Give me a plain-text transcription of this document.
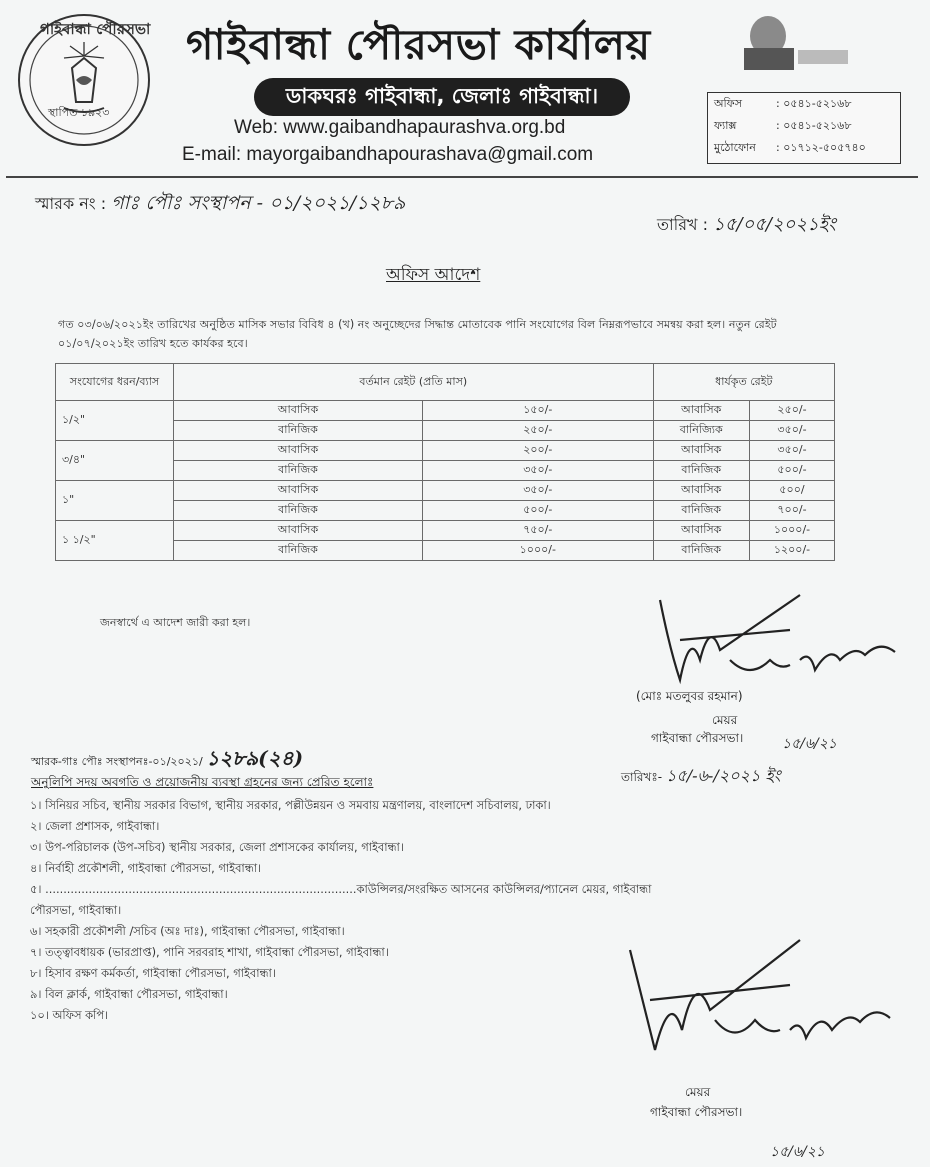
গাইবান্ধা পৌরসভা
স্থাপিত ১৯২৩
গাইবান্ধা পৌরসভা কার্যালয়
ডাকঘরঃ গাইবান্ধা, জেলাঃ গাইবান্ধা।
Web: www.gaibandhapaurashva.org.bd
E-mail: mayorgaibandhapourashava@gmail.com
অফিস	: ০৫৪১-৫২১৬৮
ফ্যাক্স	: ০৫৪১-৫২১৬৮
মুঠোফোন	: ০১৭১২-৫০৫৭৪০
স্মারক নং : গাঃ পৌঃ সংস্থাপন - ০১/২০২১/১২৮৯
তারিখ : ১৫/০৫/২০২১ইং
অফিস আদেশ
গত ০৩/০৬/২০২১ইং তারিখের অনুষ্ঠিত মাসিক সভার বিবিধ ৪ (খ) নং অনুচ্ছেদের সিদ্ধান্ত মোতাবেক পানি সংযোগের বিল নিম্নরূপভাবে সমন্বয় করা হল। নতুন রেইট ০১/০৭/২০২১ইং তারিখ হতে কার্যকর হবে।
সংযোগের ধরন/ব্যাস	বর্তমান রেইট (প্রতি মাস)		ধার্যকৃত রেইট	
১/২"	আবাসিক	১৫০/-	আবাসিক	২৫০/-
	বানিজিক	২৫০/-	বানিজ্যিক	৩৫০/-
৩/৪"	আবাসিক	২০০/-	আবাসিক	৩৫০/-
	বানিজিক	৩৫০/-	বানিজিক	৫০০/-
১"	আবাসিক	৩৫০/-	আবাসিক	৫০০/
	বানিজিক	৫০০/-	বানিজিক	৭০০/-
১ ১/২"	আবাসিক	৭৫০/-	আবাসিক	১০০০/-
	বানিজিক	১০০০/-	বানিজিক	১২০০/-
জনস্বার্থে এ আদেশ জারী করা হল।
(মোঃ মতলুবর রহমান)
মেয়র
গাইবান্ধা পৌরসভা।	১৫/৬/২১
স্মারক-গাঃ পৌঃ সংস্থাপনঃ-০১/২০২১/ ১২৮৯(২৪)
তারিখঃ- ১৫/-৬-/২০২১ ইং
অনুলিপি সদয় অবগতি ও প্রয়োজনীয় ব্যবস্থা গ্রহনের জন্য প্রেরিত হলোঃ
১। সিনিয়র সচিব, স্থানীয় সরকার বিভাগ, স্থানীয় সরকার, পল্লীউন্নয়ন ও সমবায় মন্ত্রণালয়, বাংলাদেশ সচিবালয়, ঢাকা।
২। জেলা প্রশাসক, গাইবান্ধা।
৩। উপ-পরিচালক (উপ-সচিব) স্থানীয় সরকার, জেলা প্রশাসকের কার্যালয়, গাইবান্ধা।
৪। নির্বাহী প্রকৌশলী, গাইবান্ধা পৌরসভা, গাইবান্ধা।
৫। ......................................................................................কাউন্সিলর/সংরক্ষিত আসনের কাউন্সিলর/প্যানেল মেয়র, গাইবান্ধা
পৌরসভা, গাইবান্ধা।
৬। সহকারী প্রকৌশলী /সচিব (অঃ দাঃ), গাইবান্ধা পৌরসভা, গাইবান্ধা।
৭। তত্ত্বাবধায়ক (ভারপ্রাপ্ত), পানি সরবরাহ শাখা, গাইবান্ধা পৌরসভা, গাইবান্ধা।
৮। হিসাব রক্ষণ কর্মকর্তা, গাইবান্ধা পৌরসভা, গাইবান্ধা।
৯। বিল ক্লার্ক, গাইবান্ধা পৌরসভা, গাইবান্ধা।
১০। অফিস কপি।
মেয়র
গাইবান্ধা পৌরসভা।
১৫/৬/২১
